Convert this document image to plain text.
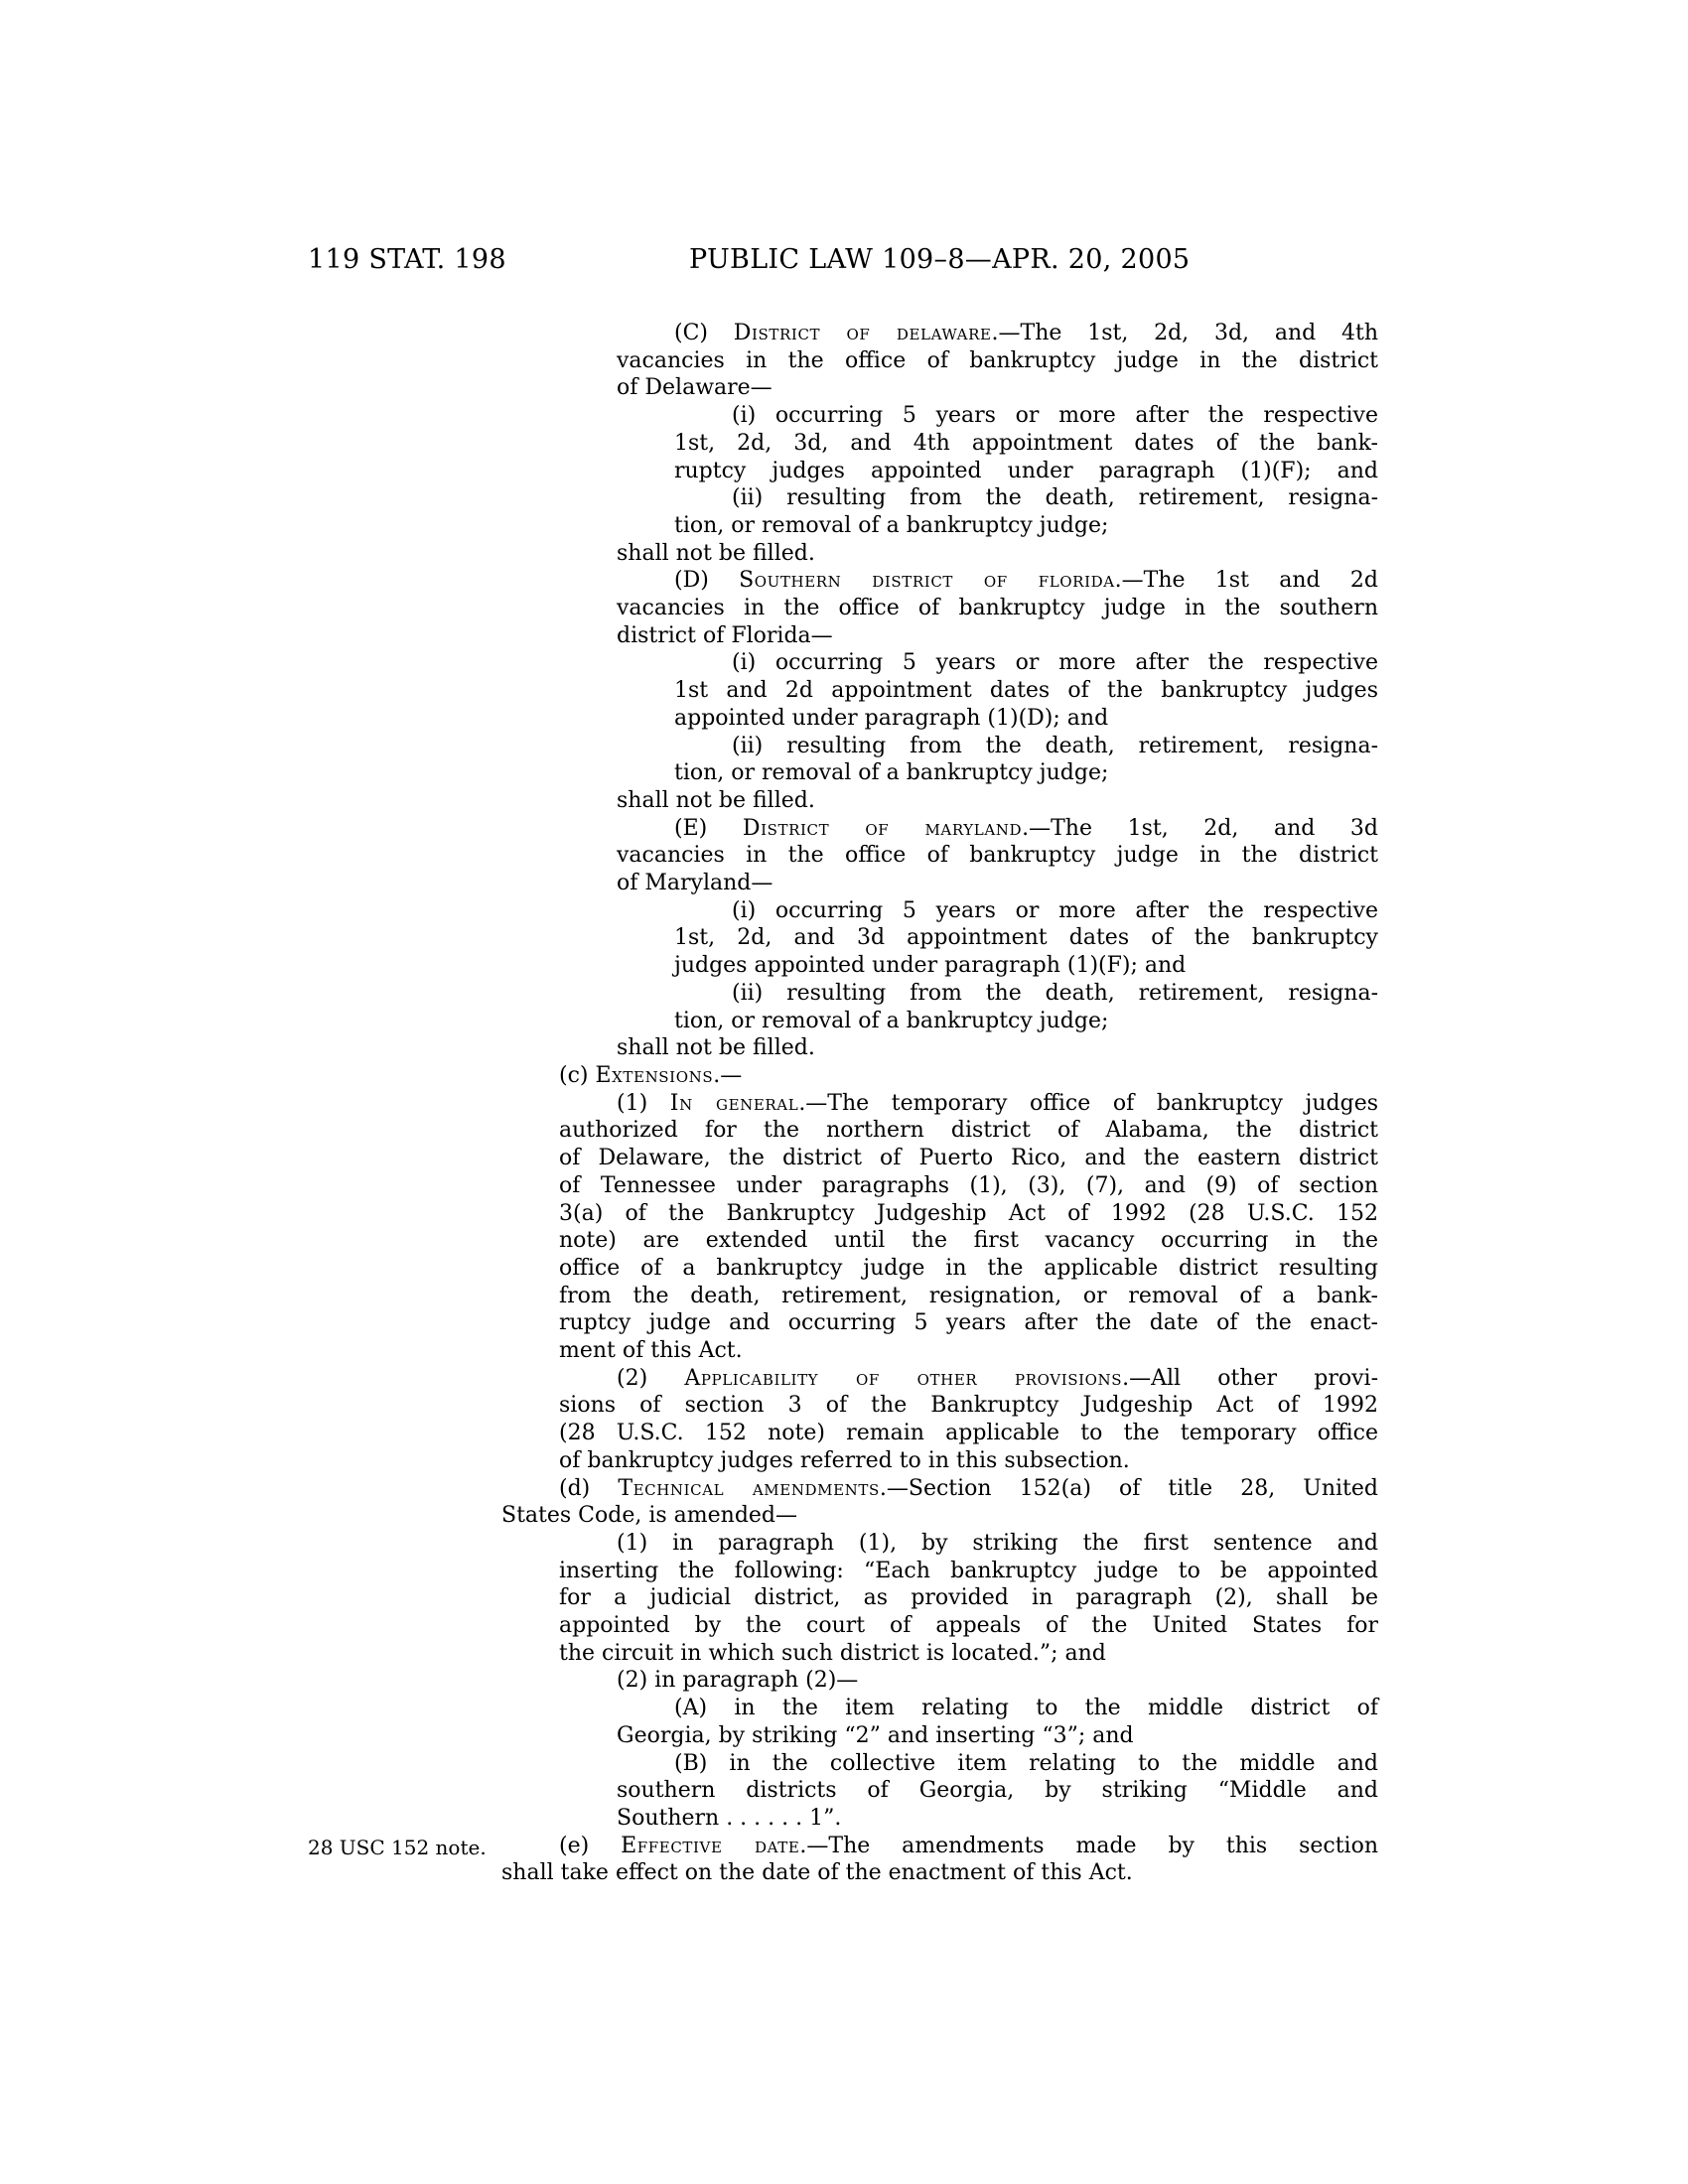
119 STAT. 198	PUBLIC LAW 109–8—APR. 20, 2005
(C) District of delaware.—The 1st, 2d, 3d, and 4th
vacancies in the office of bankruptcy judge in the district
of Delaware—
(i) occurring 5 years or more after the respective
1st, 2d, 3d, and 4th appointment dates of the bank-
ruptcy judges appointed under paragraph (1)(F); and
(ii) resulting from the death, retirement, resigna-
tion, or removal of a bankruptcy judge;
shall not be filled.
(D) Southern district of florida.—The 1st and 2d
vacancies in the office of bankruptcy judge in the southern
district of Florida—
(i) occurring 5 years or more after the respective
1st and 2d appointment dates of the bankruptcy judges
appointed under paragraph (1)(D); and
(ii) resulting from the death, retirement, resigna-
tion, or removal of a bankruptcy judge;
shall not be filled.
(E) District of maryland.—The 1st, 2d, and 3d
vacancies in the office of bankruptcy judge in the district
of Maryland—
(i) occurring 5 years or more after the respective
1st, 2d, and 3d appointment dates of the bankruptcy
judges appointed under paragraph (1)(F); and
(ii) resulting from the death, retirement, resigna-
tion, or removal of a bankruptcy judge;
shall not be filled.
(c) Extensions.—
(1) In general.—The temporary office of bankruptcy judges
authorized for the northern district of Alabama, the district
of Delaware, the district of Puerto Rico, and the eastern district
of Tennessee under paragraphs (1), (3), (7), and (9) of section
3(a) of the Bankruptcy Judgeship Act of 1992 (28 U.S.C. 152
note) are extended until the first vacancy occurring in the
office of a bankruptcy judge in the applicable district resulting
from the death, retirement, resignation, or removal of a bank-
ruptcy judge and occurring 5 years after the date of the enact-
ment of this Act.
(2) Applicability of other provisions.—All other provi-
sions of section 3 of the Bankruptcy Judgeship Act of 1992
(28 U.S.C. 152 note) remain applicable to the temporary office
of bankruptcy judges referred to in this subsection.
(d) Technical amendments.—Section 152(a) of title 28, United
States Code, is amended—
(1) in paragraph (1), by striking the first sentence and
inserting the following: “Each bankruptcy judge to be appointed
for a judicial district, as provided in paragraph (2), shall be
appointed by the court of appeals of the United States for
the circuit in which such district is located.”; and
(2) in paragraph (2)—
(A) in the item relating to the middle district of
Georgia, by striking “2” and inserting “3”; and
(B) in the collective item relating to the middle and
southern districts of Georgia, by striking “Middle and
Southern . . . . . . 1”.
(e) Effective date.—The amendments made by this section
28 USC 152 note.
shall take effect on the date of the enactment of this Act.
